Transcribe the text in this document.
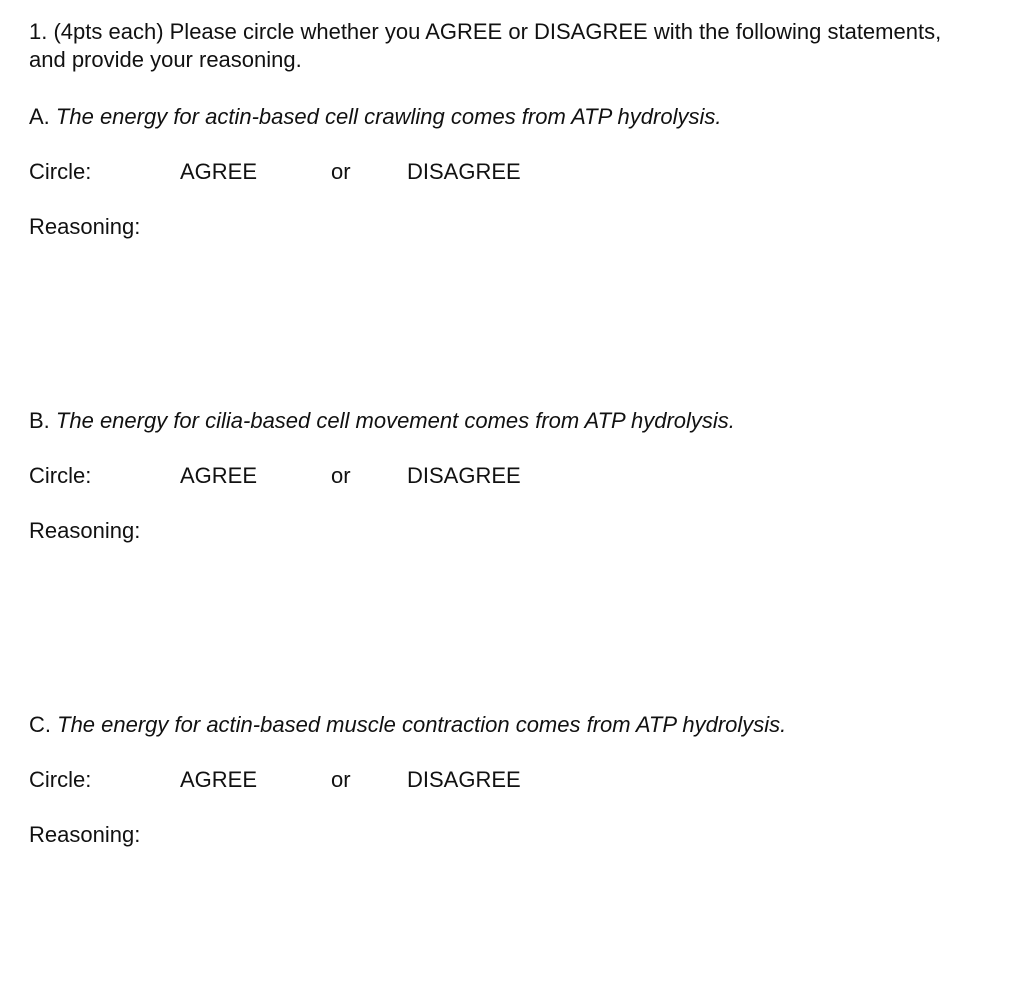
1. (4pts each) Please circle whether you AGREE or DISAGREE with the following statements,
and provide your reasoning.

A. The energy for actin-based cell crawling comes from ATP hydrolysis.

Circle:	AGREE	or	DISAGREE
Reasoning:

B. The energy for cilia-based cell movement comes from ATP hydrolysis.

Circle:	AGREE	or	DISAGREE
Reasoning:

C. The energy for actin-based muscle contraction comes from ATP hydrolysis.

Circle:	AGREE	or	DISAGREE
Reasoning:
